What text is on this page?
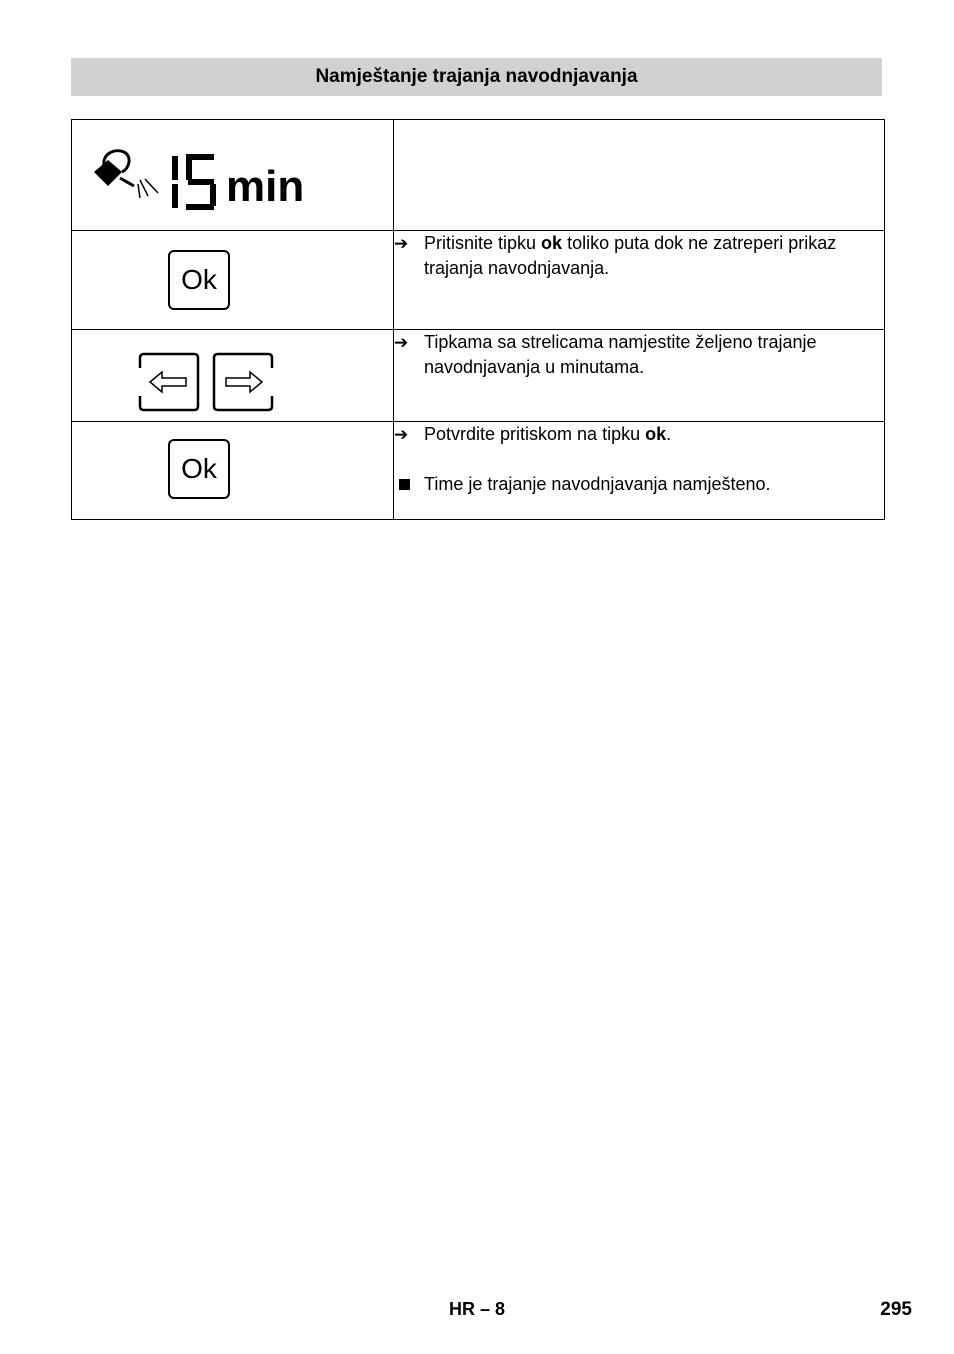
Namještanje trajanja navodnjavanja
min	

Ok	➔ Pritisnite tipku ok toliko puta dok ne zatreperi prikaz trajanja navodnjavanja.

➔ Tipkama sa strelicama namjestite željeno trajanje navodnjavanja u minutama.

Ok	➔ Potvrdite pritiskom na tipku ok.
Time je trajanje navodnjavanja namješteno.
HR – 8	295
